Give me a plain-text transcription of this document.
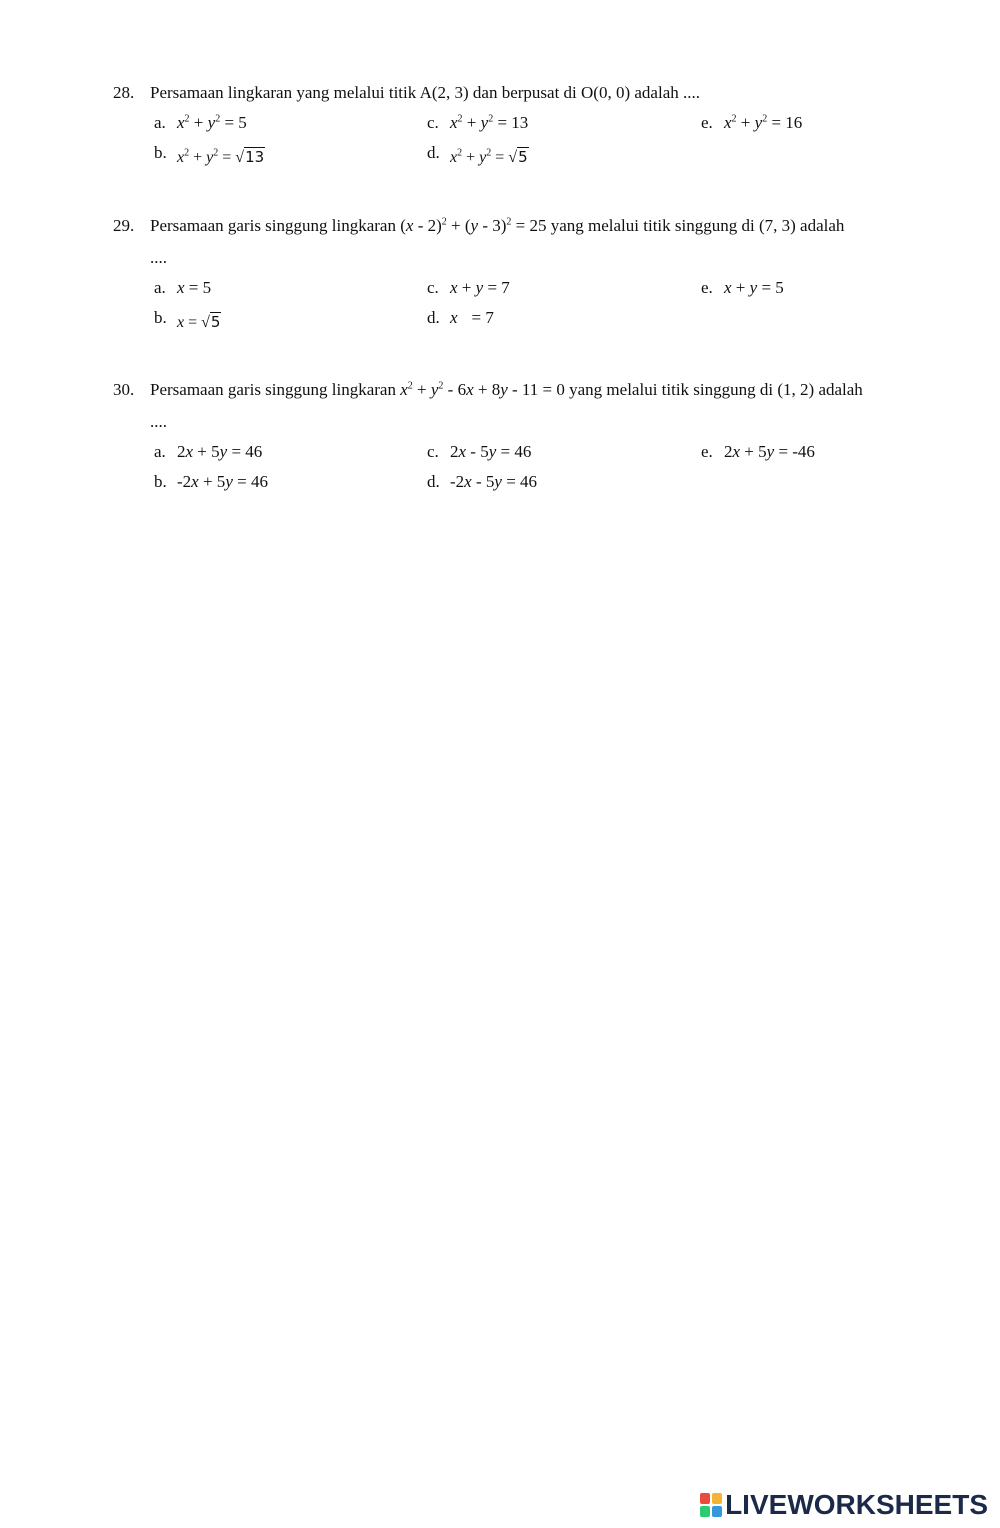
28. Persamaan lingkaran yang melalui titik A(2, 3) dan berpusat di O(0, 0) adalah ....
a. $x^2 + y^2 = 5$
b. $x^2 + y^2 = √13$
c. $x^2 + y^2 = 13$
d. $x^2 + y^2 = √5$
e. $x^2 + y^2 = 16$
29. Persamaan garis singgung lingkaran (x - 2)$^2$ + (y - 3)$^2$ = 25 yang melalui titik singgung di (7, 3) adalah
....
a. x = 5
b. x = √5
c. x + y = 7
d. x = 7
e. x + y = 5
30. Persamaan garis singgung lingkaran $x^2 + y^2 - 6x + 8y - 11 = 0$ yang melalui titik singgung di (1, 2) adalah
....
a. 2x + 5y = 46
b. -2x + 5y = 46
c. 2x - 5y = 46
d. -2x - 5y = 46
e. 2x + 5y = -46
LIVEWORKSHEETS
